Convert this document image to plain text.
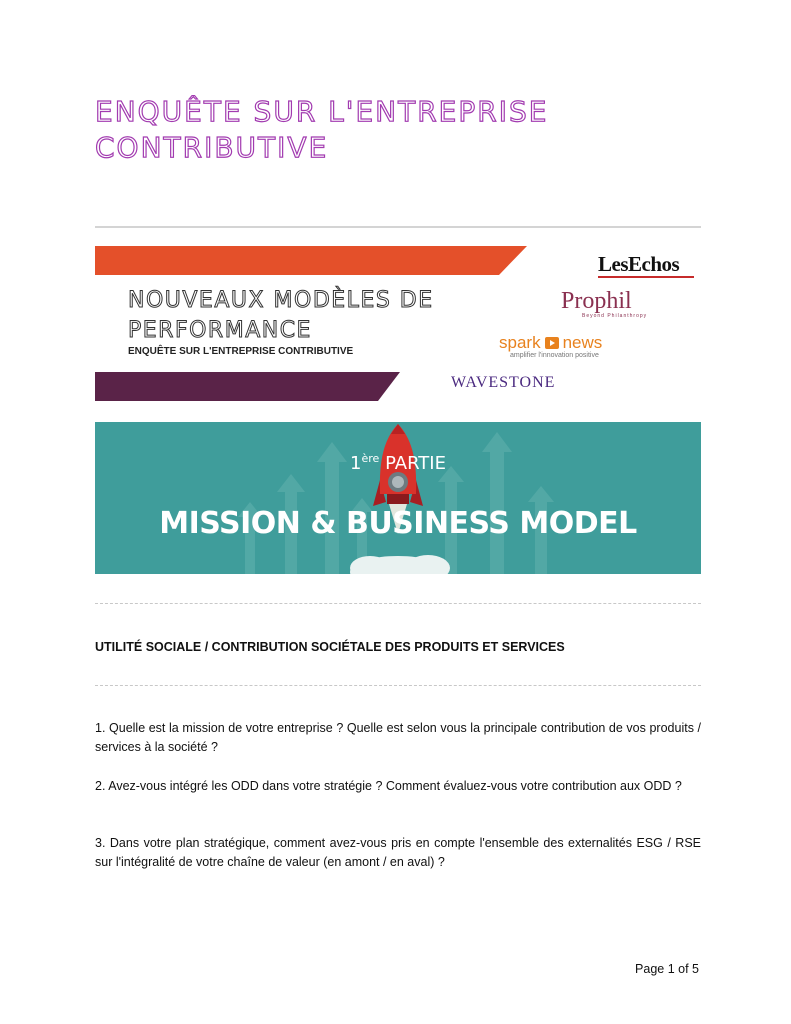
ENQUÊTE SUR L'ENTREPRISE
CONTRIBUTIVE
NOUVEAUX MODÈLES DE
PERFORMANCE
ENQUÊTE SUR L'ENTREPRISE CONTRIBUTIVE
LesEchos
Prophil
Beyond Philanthropy
spark news
amplifier l'innovation positive
WAVESTONE
1ère PARTIE
MISSION & BUSINESS MODEL
UTILITÉ SOCIALE / CONTRIBUTION SOCIÉTALE DES PRODUITS ET SERVICES

1. Quelle est la mission de votre entreprise ? Quelle est selon vous la principale contribution de vos produits / services à la société ?

2. Avez-vous intégré les ODD dans votre stratégie ? Comment évaluez-vous votre contribution aux ODD ?

3. Dans votre plan stratégique, comment avez-vous pris en compte l'ensemble des externalités ESG / RSE sur l'intégralité de votre chaîne de valeur (en amont / en aval) ?

Page 1 of 5
